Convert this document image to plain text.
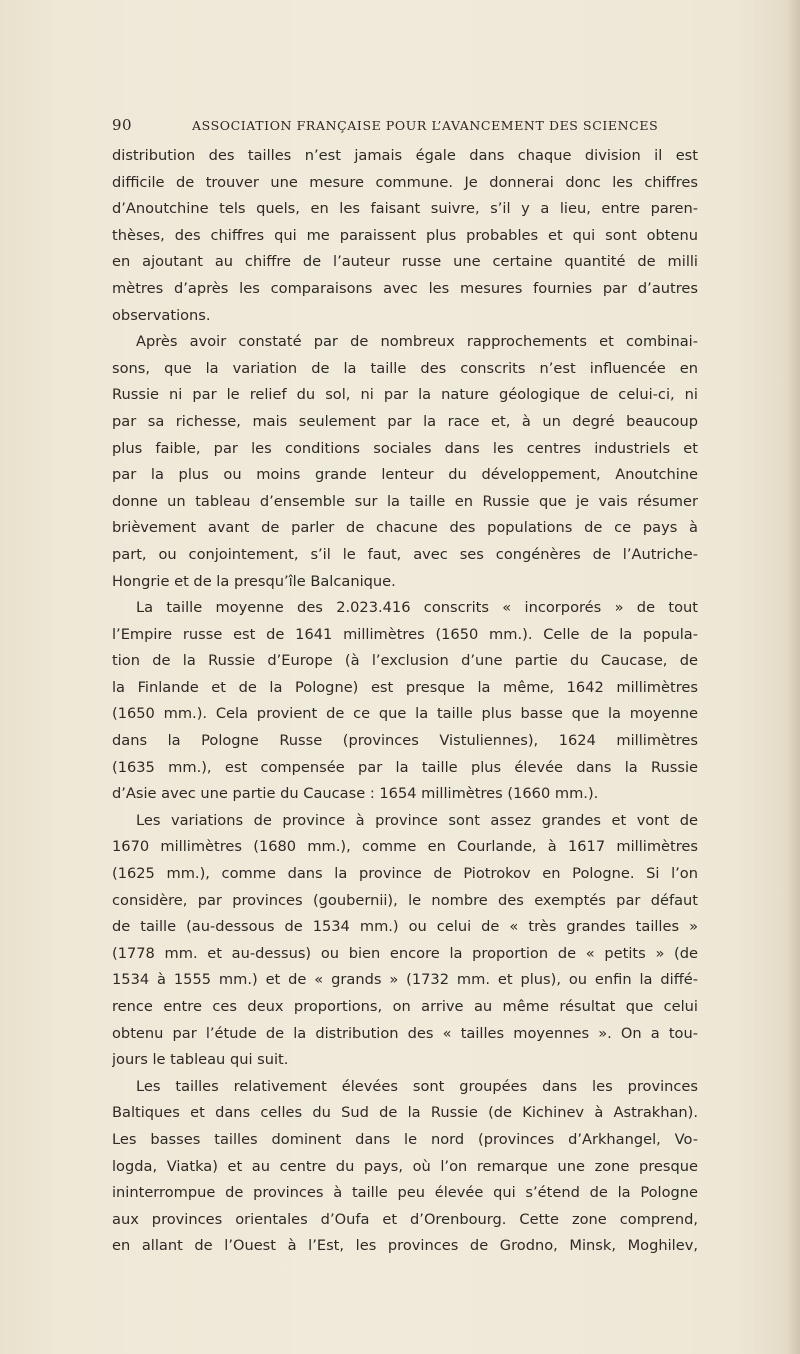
90	ASSOCIATION FRANÇAISE POUR L’AVANCEMENT DES SCIENCES
distribution des tailles n’est jamais égale dans chaque division il est
difficile de trouver une mesure commune. Je donnerai donc les chiffres
d’Anoutchine tels quels, en les faisant suivre, s’il y a lieu, entre paren-
thèses, des chiffres qui me paraissent plus probables et qui sont obtenu
en ajoutant au chiffre de l’auteur russe une certaine quantité de milli
mètres d’après les comparaisons avec les mesures fournies par d’autres
observations.
Après avoir constaté par de nombreux rapprochements et combinai-
sons, que la variation de la taille des conscrits n’est influencée en
Russie ni par le relief du sol, ni par la nature géologique de celui-ci, ni
par sa richesse, mais seulement par la race et, à un degré beaucoup
plus faible, par les conditions sociales dans les centres industriels et
par la plus ou moins grande lenteur du développement, Anoutchine
donne un tableau d’ensemble sur la taille en Russie que je vais résumer
brièvement avant de parler de chacune des populations de ce pays à
part, ou conjointement, s’il le faut, avec ses congénères de l’Autriche-
Hongrie et de la presqu’île Balcanique.
La taille moyenne des 2.023.416 conscrits « incorporés » de tout
l’Empire russe est de 1641 millimètres (1650 mm.). Celle de la popula-
tion de la Russie d’Europe (à l’exclusion d’une partie du Caucase, de
la Finlande et de la Pologne) est presque la même, 1642 millimètres
(1650 mm.). Cela provient de ce que la taille plus basse que la moyenne
dans la Pologne Russe (provinces Vistuliennes), 1624 millimètres
(1635 mm.), est compensée par la taille plus élevée dans la Russie
d’Asie avec une partie du Caucase : 1654 millimètres (1660 mm.).
Les variations de province à province sont assez grandes et vont de
1670 millimètres (1680 mm.), comme en Courlande, à 1617 millimètres
(1625 mm.), comme dans la province de Piotrokov en Pologne. Si l’on
considère, par provinces (goubernii), le nombre des exemptés par défaut
de taille (au-dessous de 1534 mm.) ou celui de « très grandes tailles »
(1778 mm. et au-dessus) ou bien encore la proportion de « petits » (de
1534 à 1555 mm.) et de « grands » (1732 mm. et plus), ou enfin la diffé-
rence entre ces deux proportions, on arrive au même résultat que celui
obtenu par l’étude de la distribution des « tailles moyennes ». On a tou-
jours le tableau qui suit.
Les tailles relativement élevées sont groupées dans les provinces
Baltiques et dans celles du Sud de la Russie (de Kichinev à Astrakhan).
Les basses tailles dominent dans le nord (provinces d’Arkhangel, Vo-
logda, Viatka) et au centre du pays, où l’on remarque une zone presque
ininterrompue de provinces à taille peu élevée qui s’étend de la Pologne
aux provinces orientales d’Oufa et d’Orenbourg. Cette zone comprend,
en allant de l’Ouest à l’Est, les provinces de Grodno, Minsk, Moghilev,
